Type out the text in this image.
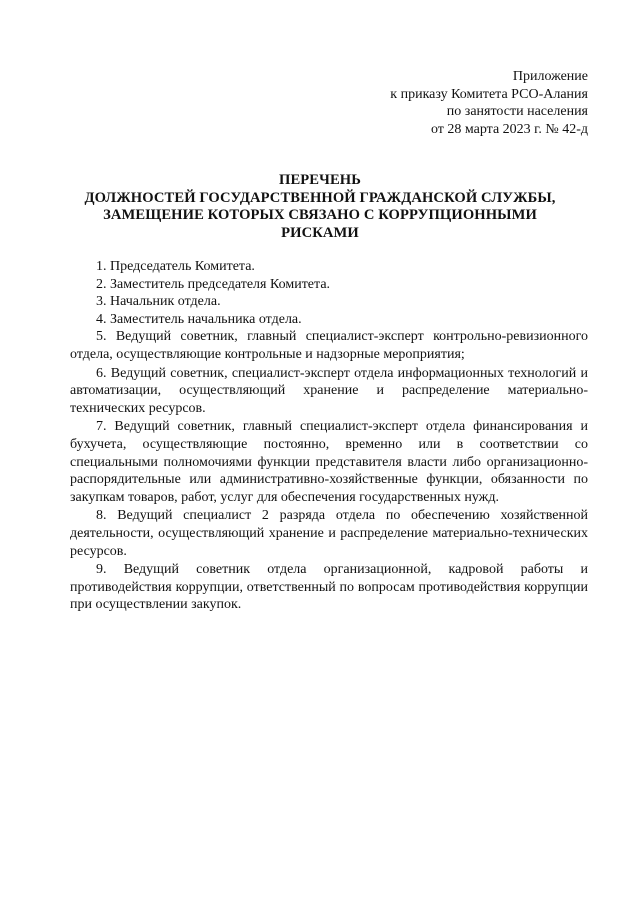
Приложение
к приказу Комитета РСО-Алания
по занятости населения
от 28 марта 2023 г. № 42-д
ПЕРЕЧЕНЬ
ДОЛЖНОСТЕЙ ГОСУДАРСТВЕННОЙ ГРАЖДАНСКОЙ СЛУЖБЫ,
ЗАМЕЩЕНИЕ КОТОРЫХ СВЯЗАНО С КОРРУПЦИОННЫМИ
РИСКАМИ

1. Председатель Комитета.

2. Заместитель председателя Комитета.

3. Начальник отдела.

4. Заместитель начальника отдела.

5. Ведущий советник, главный специалист-эксперт контрольно-ревизионного отдела, осуществляющие контрольные и надзорные мероприятия;

6. Ведущий советник, специалист-эксперт отдела информационных технологий и автоматизации, осуществляющий хранение и распределение материально-технических ресурсов.

7. Ведущий советник, главный специалист-эксперт отдела финансирования и бухучета, осуществляющие постоянно, временно или в соответствии со специальными полномочиями функции представителя власти либо организационно-распорядительные или административно-хозяйственные функции, обязанности по закупкам товаров, работ, услуг для обеспечения государственных нужд.

8. Ведущий специалист 2 разряда отдела по обеспечению хозяйственной деятельности, осуществляющий хранение и распределение материально-технических ресурсов.

9. Ведущий советник отдела организационной, кадровой работы и противодействия коррупции, ответственный по вопросам противодействия коррупции при осуществлении закупок.
